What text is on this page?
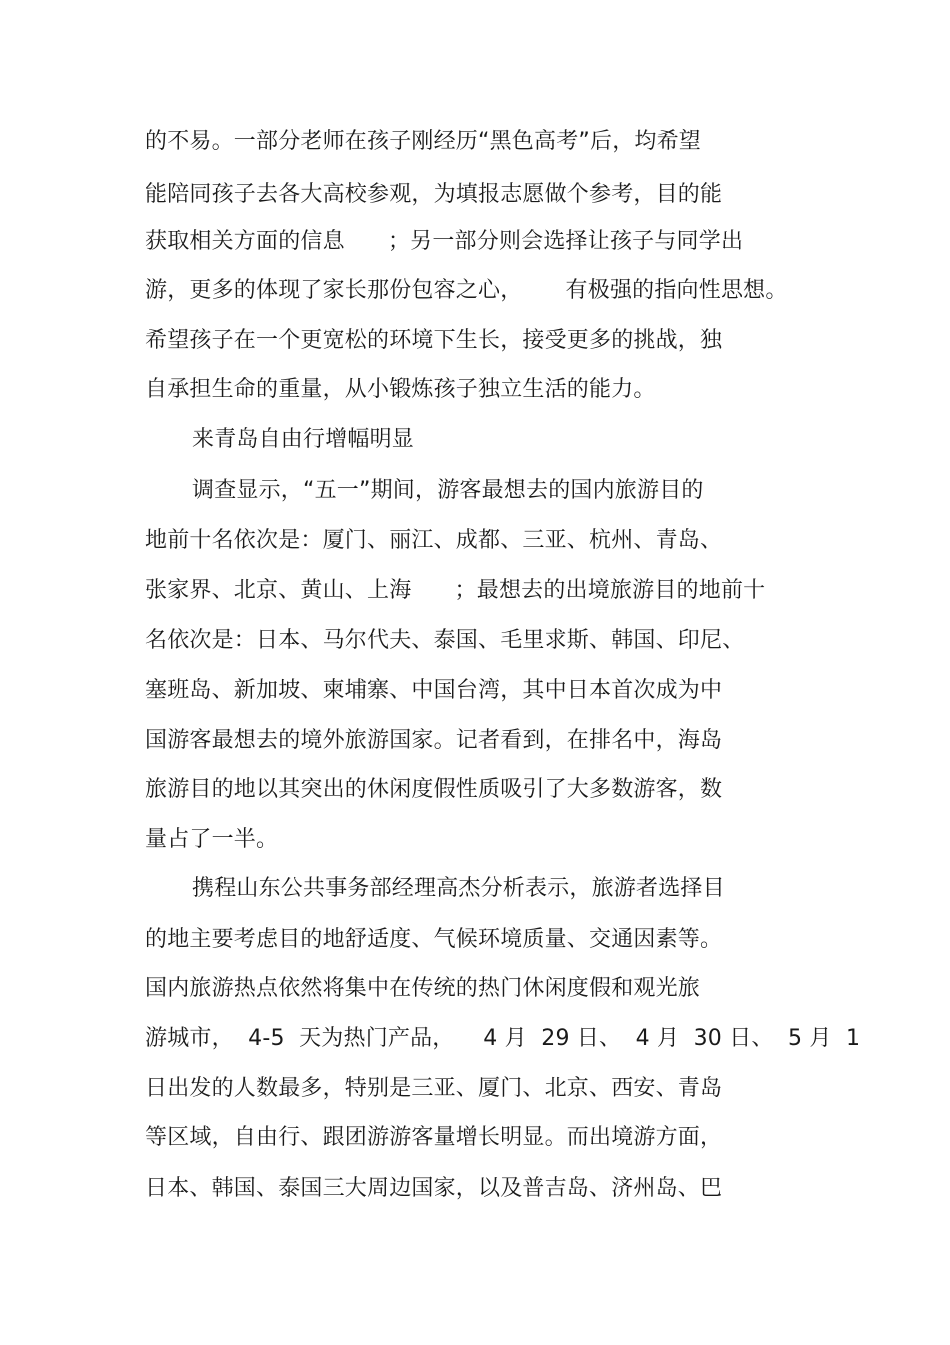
的不易。一部分老师在孩子刚经历“黑色高考”后，均希望
能陪同孩子去各大高校参观，为填报志愿做个参考，目的能
获取相关方面的信息      ；另一部分则会选择让孩子与同学出
游，更多的体现了家长那份包容之心，      有极强的指向性思想。
希望孩子在一个更宽松的环境下生长，接受更多的挑战，独
自承担生命的重量，从小锻炼孩子独立生活的能力。
来青岛自由行增幅明显
调查显示，“五一”期间，游客最想去的国内旅游目的
地前十名依次是：厦门、丽江、成都、三亚、杭州、青岛、
张家界、北京、黄山、上海      ；最想去的出境旅游目的地前十
名依次是：日本、马尔代夫、泰国、毛里求斯、韩国、印尼、
塞班岛、新加坡、柬埔寨、中国台湾，其中日本首次成为中
国游客最想去的境外旅游国家。记者看到，在排名中，海岛
旅游目的地以其突出的休闲度假性质吸引了大多数游客，数
量占了一半。
携程山东公共事务部经理高杰分析表示，旅游者选择目
的地主要考虑目的地舒适度、气候环境质量、交通因素等。
国内旅游热点依然将集中在传统的热门休闲度假和观光旅
游城市，  4-5  天为热门产品，    4 月  29 日、  4 月  30 日、  5 月  1
日出发的人数最多，特别是三亚、厦门、北京、西安、青岛
等区域，自由行、跟团游游客量增长明显。而出境游方面，
日本、韩国、泰国三大周边国家，以及普吉岛、济州岛、巴
